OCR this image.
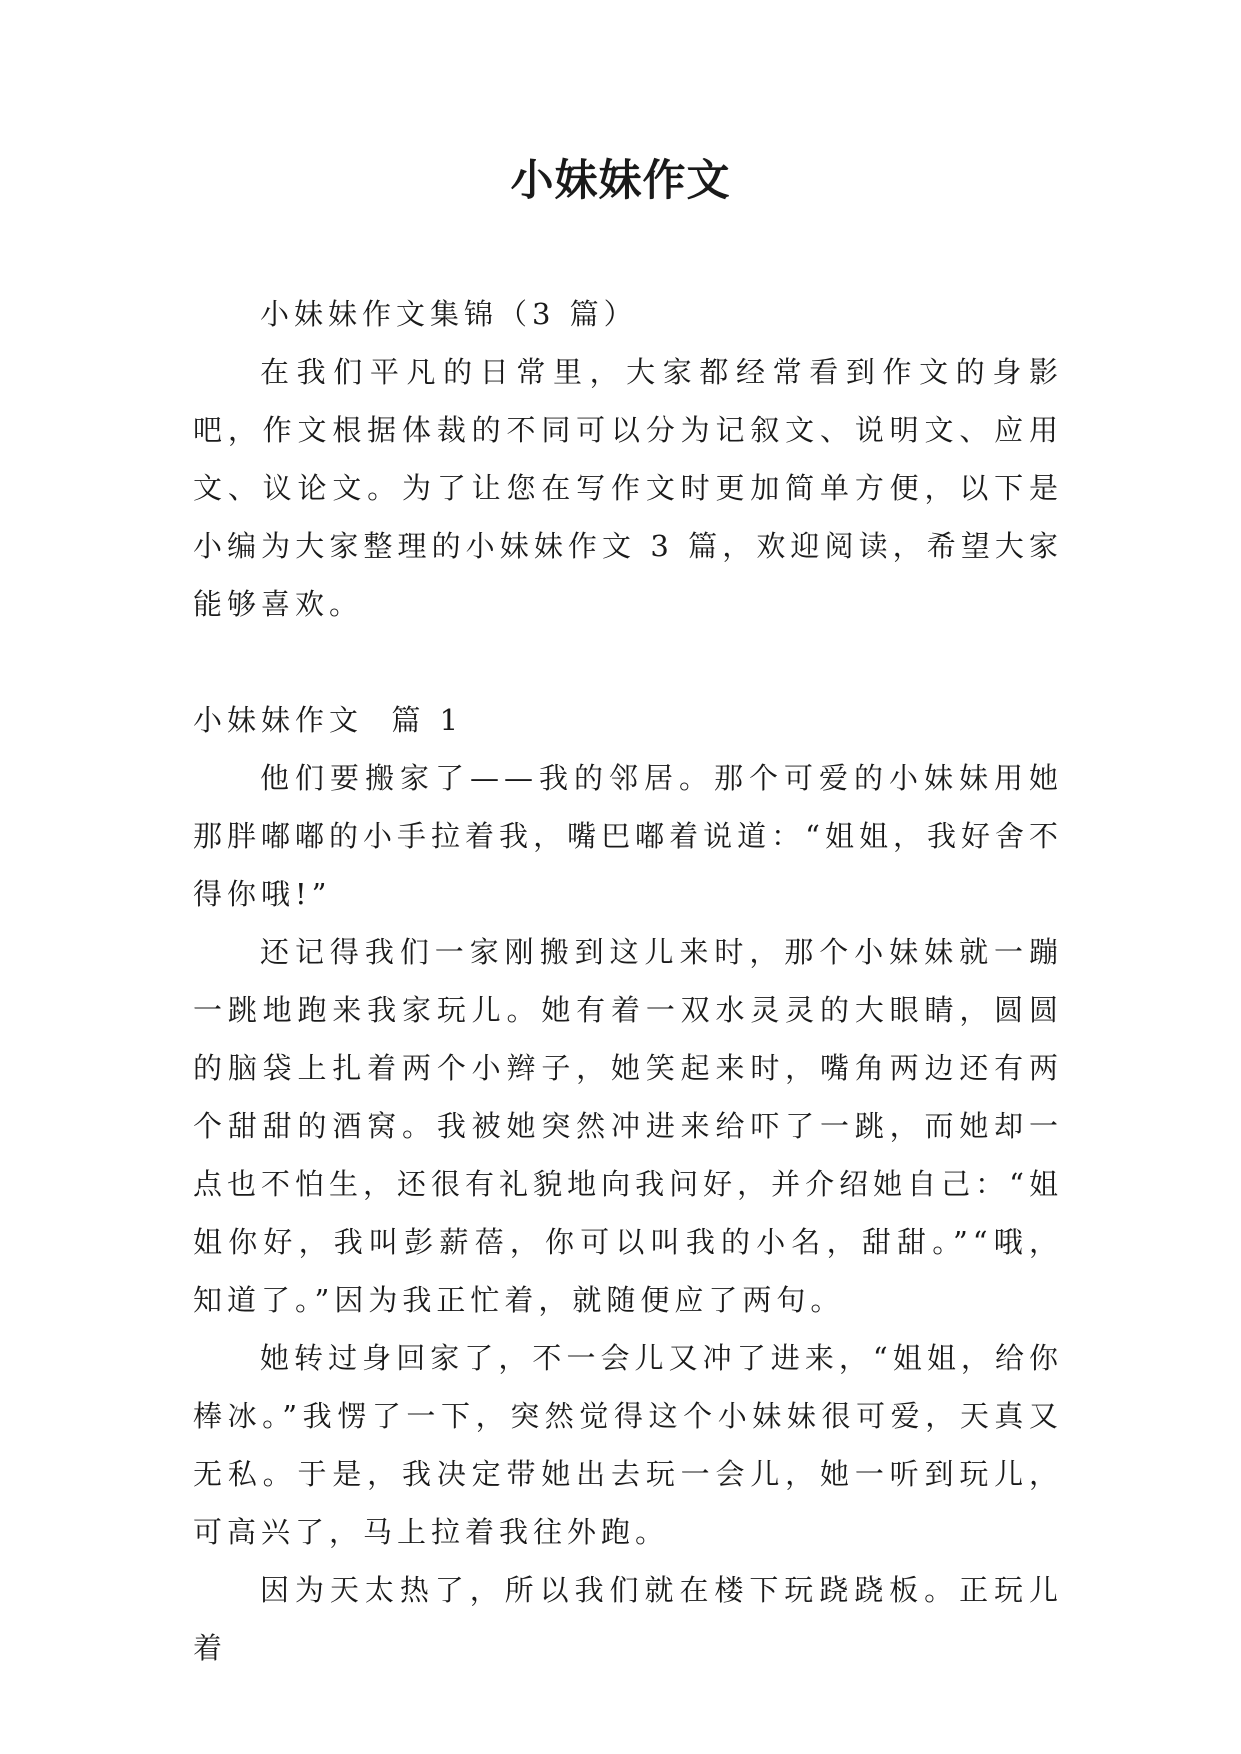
小妹妹作文

小妹妹作文集锦（3 篇）

在我们平凡的日常里，大家都经常看到作文的身影吧，作文根据体裁的不同可以分为记叙文、说明文、应用文、议论文。为了让您在写作文时更加简单方便，以下是小编为大家整理的小妹妹作文 3 篇，欢迎阅读，希望大家能够喜欢。

小妹妹作文  篇 1

他们要搬家了——我的邻居。那个可爱的小妹妹用她那胖嘟嘟的小手拉着我，嘴巴嘟着说道：“姐姐，我好舍不得你哦!”

还记得我们一家刚搬到这儿来时，那个小妹妹就一蹦一跳地跑来我家玩儿。她有着一双水灵灵的大眼睛，圆圆的脑袋上扎着两个小辫子，她笑起来时，嘴角两边还有两个甜甜的酒窝。我被她突然冲进来给吓了一跳，而她却一点也不怕生，还很有礼貌地向我问好，并介绍她自己：“姐姐你好，我叫彭薪蓓，你可以叫我的小名，甜甜。”“哦，知道了。”因为我正忙着，就随便应了两句。

她转过身回家了，不一会儿又冲了进来，“姐姐，给你棒冰。”我愣了一下，突然觉得这个小妹妹很可爱，天真又无私。于是，我决定带她出去玩一会儿，她一听到玩儿，可高兴了，马上拉着我往外跑。

因为天太热了，所以我们就在楼下玩跷跷板。正玩儿着
